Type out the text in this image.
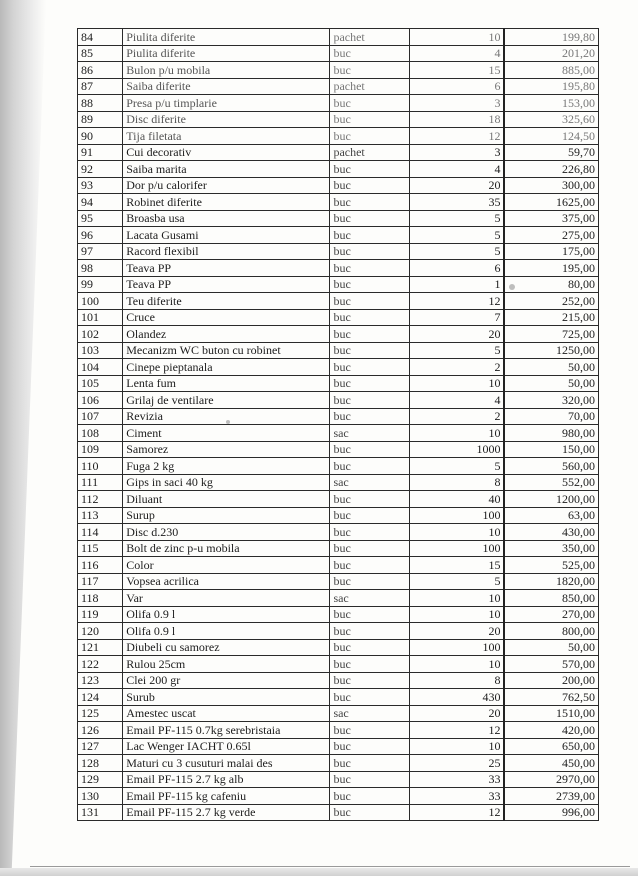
84	Piulita diferite	pachet	10	199,80
85	Piulita diferite	buc	4	201,20
86	Bulon p/u mobila	buc	15	885,00
87	Saiba diferite	pachet	6	195,80
88	Presa p/u timplarie	buc	3	153,00
89	Disc diferite	buc	18	325,60
90	Tija filetata	buc	12	124,50
91	Cui decorativ	pachet	3	59,70
92	Saiba marita	buc	4	226,80
93	Dor p/u calorifer	buc	20	300,00
94	Robinet diferite	buc	35	1625,00
95	Broasba usa	buc	5	375,00
96	Lacata Gusami	buc	5	275,00
97	Racord flexibil	buc	5	175,00
98	Teava PP	buc	6	195,00
99	Teava PP	buc	1	80,00
100	Teu diferite	buc	12	252,00
101	Cruce	buc	7	215,00
102	Olandez	buc	20	725,00
103	Mecanizm WC buton cu robinet	buc	5	1250,00
104	Cinepe pieptanala	buc	2	50,00
105	Lenta fum	buc	10	50,00
106	Grilaj de ventilare	buc	4	320,00
107	Revizia	buc	2	70,00
108	Ciment	sac	10	980,00
109	Samorez	buc	1000	150,00
110	Fuga 2 kg	buc	5	560,00
111	Gips in saci 40 kg	sac	8	552,00
112	Diluant	buc	40	1200,00
113	Surup	buc	100	63,00
114	Disc d.230	buc	10	430,00
115	Bolt de zinc p-u mobila	buc	100	350,00
116	Color	buc	15	525,00
117	Vopsea acrilica	buc	5	1820,00
118	Var	sac	10	850,00
119	Olifa 0.9 l	buc	10	270,00
120	Olifa 0.9 l	buc	20	800,00
121	Diubeli cu samorez	buc	100	50,00
122	Rulou 25cm	buc	10	570,00
123	Clei 200 gr	buc	8	200,00
124	Surub	buc	430	762,50
125	Amestec uscat	sac	20	1510,00
126	Email PF-115 0.7kg serebristaia	buc	12	420,00
127	Lac Wenger IACHT 0.65l	buc	10	650,00
128	Maturi cu 3 cusuturi malai des	buc	25	450,00
129	Email PF-115 2.7 kg alb	buc	33	2970,00
130	Email PF-115 kg cafeniu	buc	33	2739,00
131	Email PF-115 2.7 kg verde	buc	12	996,00
